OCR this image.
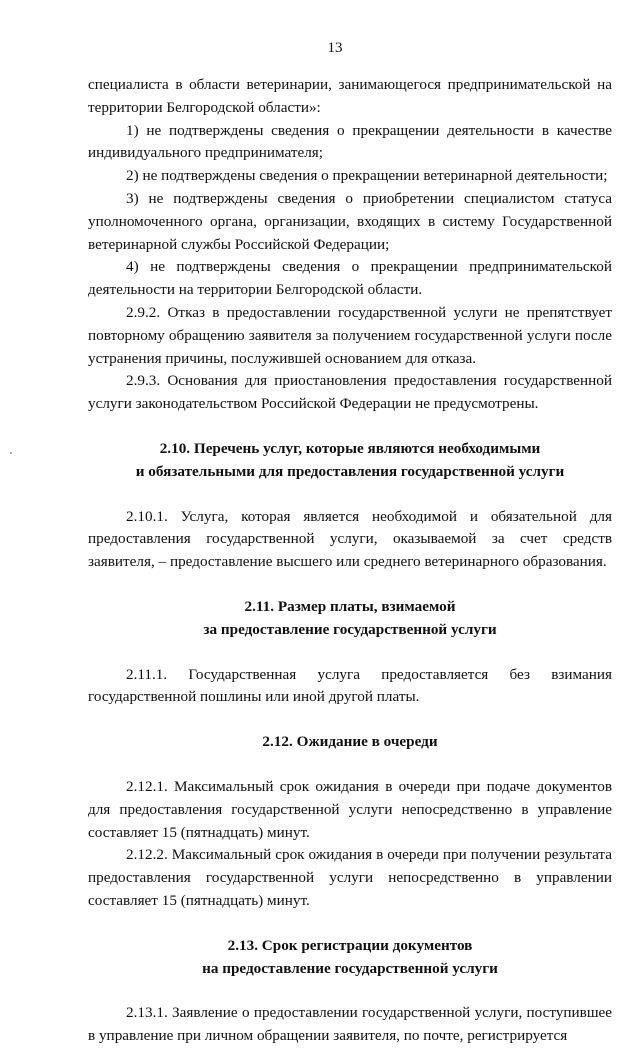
13

специалиста в области ветеринарии, занимающегося предпринимательской на территории Белгородской области»:

1) не подтверждены сведения о прекращении деятельности в качестве индивидуального предпринимателя;

2) не подтверждены сведения о прекращении ветеринарной деятельности;

3) не подтверждены сведения о приобретении специалистом статуса уполномоченного органа, организации, входящих в систему Государственной ветеринарной службы Российской Федерации;

4) не подтверждены сведения о прекращении предпринимательской деятельности на территории Белгородской области.

2.9.2. Отказ в предоставлении государственной услуги не препятствует повторному обращению заявителя за получением государственной услуги после устранения причины, послужившей основанием для отказа.

2.9.3. Основания для приостановления предоставления государственной услуги законодательством Российской Федерации не предусмотрены.

2.10. Перечень услуг, которые являются необходимыми
и обязательными для предоставления государственной услуги

2.10.1. Услуга, которая является необходимой и обязательной для предоставления государственной услуги, оказываемой за счет средств заявителя, – предоставление высшего или среднего ветеринарного образования.

2.11. Размер платы, взимаемой
за предоставление государственной услуги

2.11.1. Государственная услуга предоставляется без взимания государственной пошлины или иной другой платы.

2.12. Ожидание в очереди

2.12.1. Максимальный срок ожидания в очереди при подаче документов для предоставления государственной услуги непосредственно в управление составляет 15 (пятнадцать) минут.

2.12.2. Максимальный срок ожидания в очереди при получении результата предоставления государственной услуги непосредственно в управлении составляет 15 (пятнадцать) минут.

2.13. Срок регистрации документов
на предоставление государственной услуги

2.13.1. Заявление о предоставлении государственной услуги, поступившее в управление при личном обращении заявителя, по почте, регистрируется
